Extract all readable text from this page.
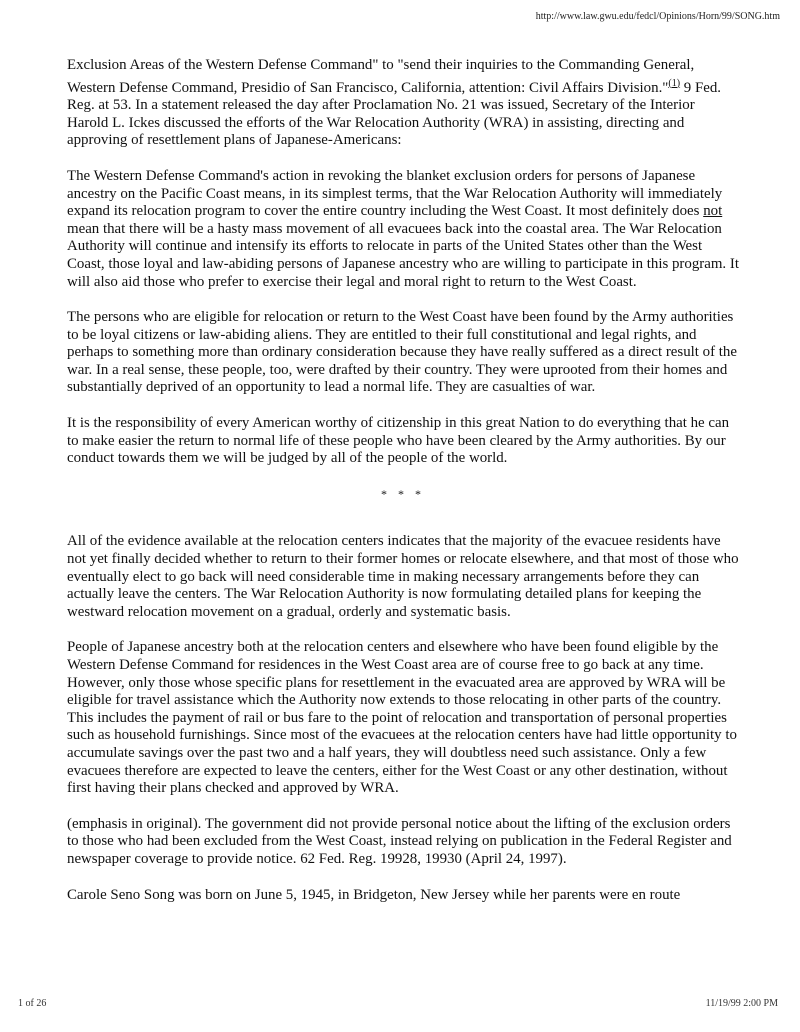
http://www.law.gwu.edu/fedcl/Opinions/Horn/99/SONG.htm

Exclusion Areas of the Western Defense Command" to "send their inquiries to the Commanding General, Western Defense Command, Presidio of San Francisco, California, attention: Civil Affairs Division."$^{(1)}$ 9 Fed. Reg. at 53. In a statement released the day after Proclamation No. 21 was issued, Secretary of the Interior Harold L. Ickes discussed the efforts of the War Relocation Authority (WRA) in assisting, directing and approving of resettlement plans of Japanese-Americans:

The Western Defense Command's action in revoking the blanket exclusion orders for persons of Japanese ancestry on the Pacific Coast means, in its simplest terms, that the War Relocation Authority will immediately expand its relocation program to cover the entire country including the West Coast. It most definitely does not mean that there will be a hasty mass movement of all evacuees back into the coastal area. The War Relocation Authority will continue and intensify its efforts to relocate in parts of the United States other than the West Coast, those loyal and law-abiding persons of Japanese ancestry who are willing to participate in this program. It will also aid those who prefer to exercise their legal and moral right to return to the West Coast.

The persons who are eligible for relocation or return to the West Coast have been found by the Army authorities to be loyal citizens or law-abiding aliens. They are entitled to their full constitutional and legal rights, and perhaps to something more than ordinary consideration because they have really suffered as a direct result of the war. In a real sense, these people, too, were drafted by their country. They were uprooted from their homes and substantially deprived of an opportunity to lead a normal life. They are casualties of war.

It is the responsibility of every American worthy of citizenship in this great Nation to do everything that he can to make easier the return to normal life of these people who have been cleared by the Army authorities. By our conduct towards them we will be judged by all of the people of the world.

* * *

All of the evidence available at the relocation centers indicates that the majority of the evacuee residents have not yet finally decided whether to return to their former homes or relocate elsewhere, and that most of those who eventually elect to go back will need considerable time in making necessary arrangements before they can actually leave the centers. The War Relocation Authority is now formulating detailed plans for keeping the westward relocation movement on a gradual, orderly and systematic basis.

People of Japanese ancestry both at the relocation centers and elsewhere who have been found eligible by the Western Defense Command for residences in the West Coast area are of course free to go back at any time. However, only those whose specific plans for resettlement in the evacuated area are approved by WRA will be eligible for travel assistance which the Authority now extends to those relocating in other parts of the country. This includes the payment of rail or bus fare to the point of relocation and transportation of personal properties such as household furnishings. Since most of the evacuees at the relocation centers have had little opportunity to accumulate savings over the past two and a half years, they will doubtless need such assistance. Only a few evacuees therefore are expected to leave the centers, either for the West Coast or any other destination, without first having their plans checked and approved by WRA.

(emphasis in original). The government did not provide personal notice about the lifting of the exclusion orders to those who had been excluded from the West Coast, instead relying on publication in the Federal Register and newspaper coverage to provide notice. 62 Fed. Reg. 19928, 19930 (April 24, 1997).

Carole Seno Song was born on June 5, 1945, in Bridgeton, New Jersey while her parents were en route

1 of 26	11/19/99 2:00 PM
